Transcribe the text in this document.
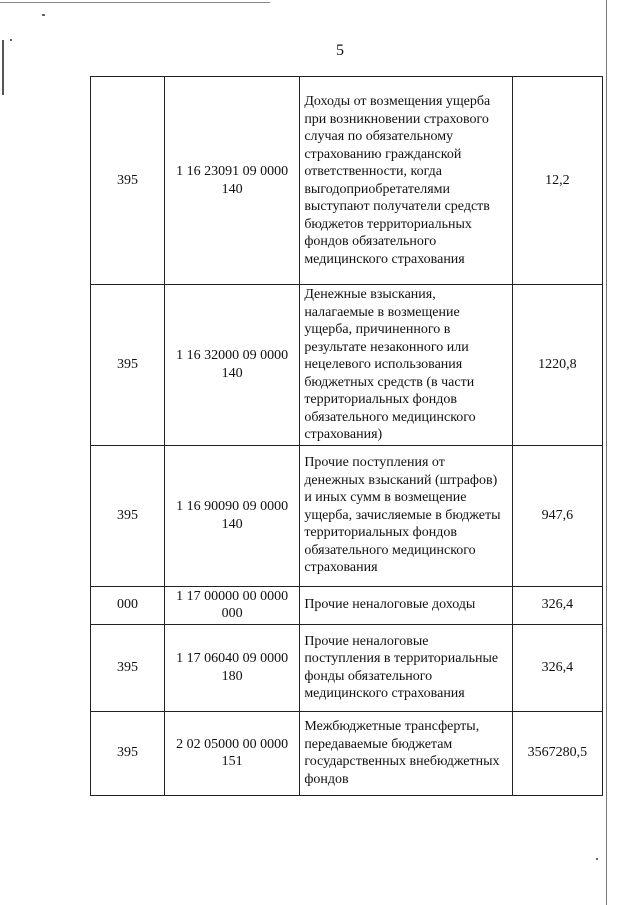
5
395	1 16 23091 09 0000 140	Доходы от возмещения ущерба при возникновении страхового случая по обязательному страхованию гражданской ответственности, когда выгодоприобретателями выступают получатели средств бюджетов территориальных фондов обязательного медицинского страхования	12,2
395	1 16 32000 09 0000 140	Денежные взыскания, налагаемые в возмещение ущерба, причиненного в результате незаконного или нецелевого использования бюджетных средств (в части территориальных фондов обязательного медицинского страхования)	1220,8
395	1 16 90090 09 0000 140	Прочие поступления от денежных взысканий (штрафов) и иных сумм в возмещение ущерба, зачисляемые в бюджеты территориальных фондов обязательного медицинского страхования	947,6
000	1 17 00000 00 0000 000	Прочие неналоговые доходы	326,4
395	1 17 06040 09 0000 180	Прочие неналоговые поступления в территориальные фонды обязательного медицинского страхования	326,4
395	2 02 05000 00 0000 151	Межбюджетные трансферты, передаваемые бюджетам государственных внебюджетных фондов	3567280,5
